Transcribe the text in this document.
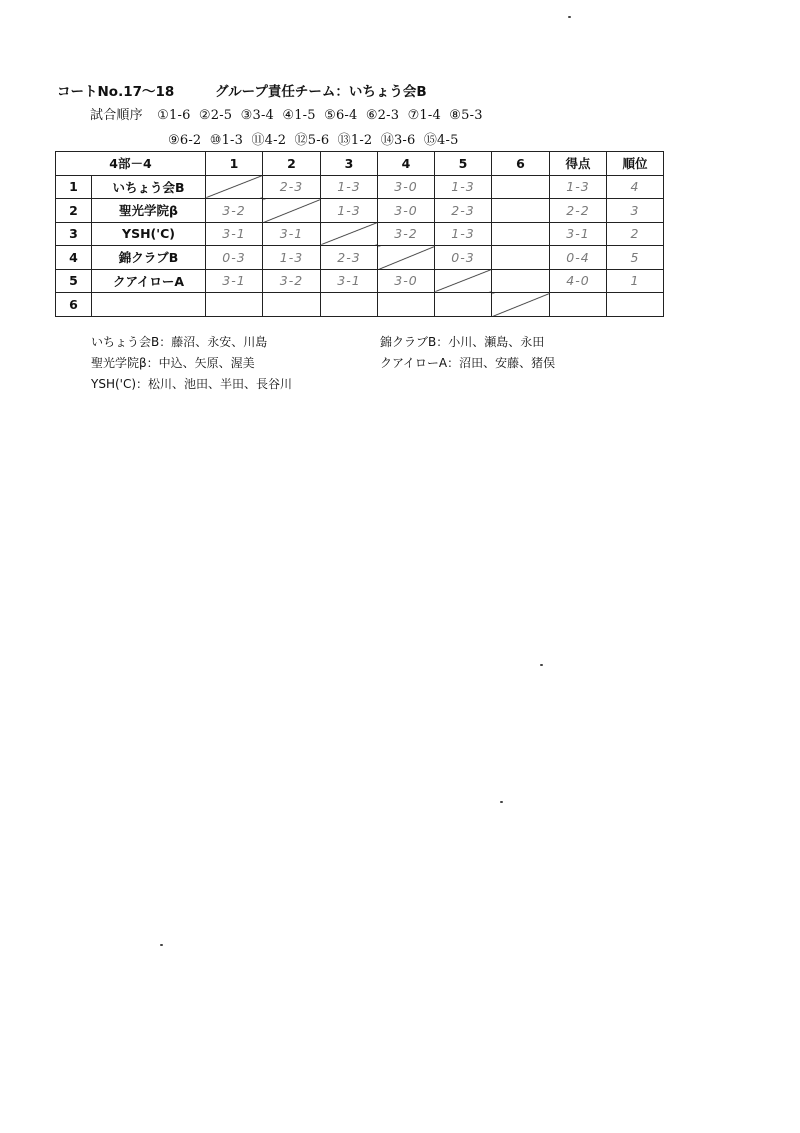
コートNo.17～18	グループ責任チーム：いちょう会B
試合順序 ①1-6 ②2-5 ③3-4 ④1-5 ⑤6-4 ⑥2-3 ⑦1-4 ⑧5-3
⑨6-2 ⑩1-3 ⑪4-2 ⑫5-6 ⑬1-2 ⑭3-6 ⑮4-5
4部－4		1	2	3	4	5	6	得点	順位
1	いちょう会B		2-3	1-3	3-0	1-3		1-3	4
2	聖光学院β	3-2		1-3	3-0	2-3		2-2	3
3	YSH('C)	3-1	3-1		3-2	1-3		3-1	2
4	錦クラブB	0-3	1-3	2-3		0-3		0-4	5
5	クアイローA	3-1	3-2	3-1	3-0			4-0	1
6									
いちょう会B：藤沼、永安、川島
聖光学院β：中込、矢原、渥美
YSH('C)：松川、池田、半田、長谷川
錦クラブB：小川、瀬島、永田
クアイローA：沼田、安藤、猪俣
